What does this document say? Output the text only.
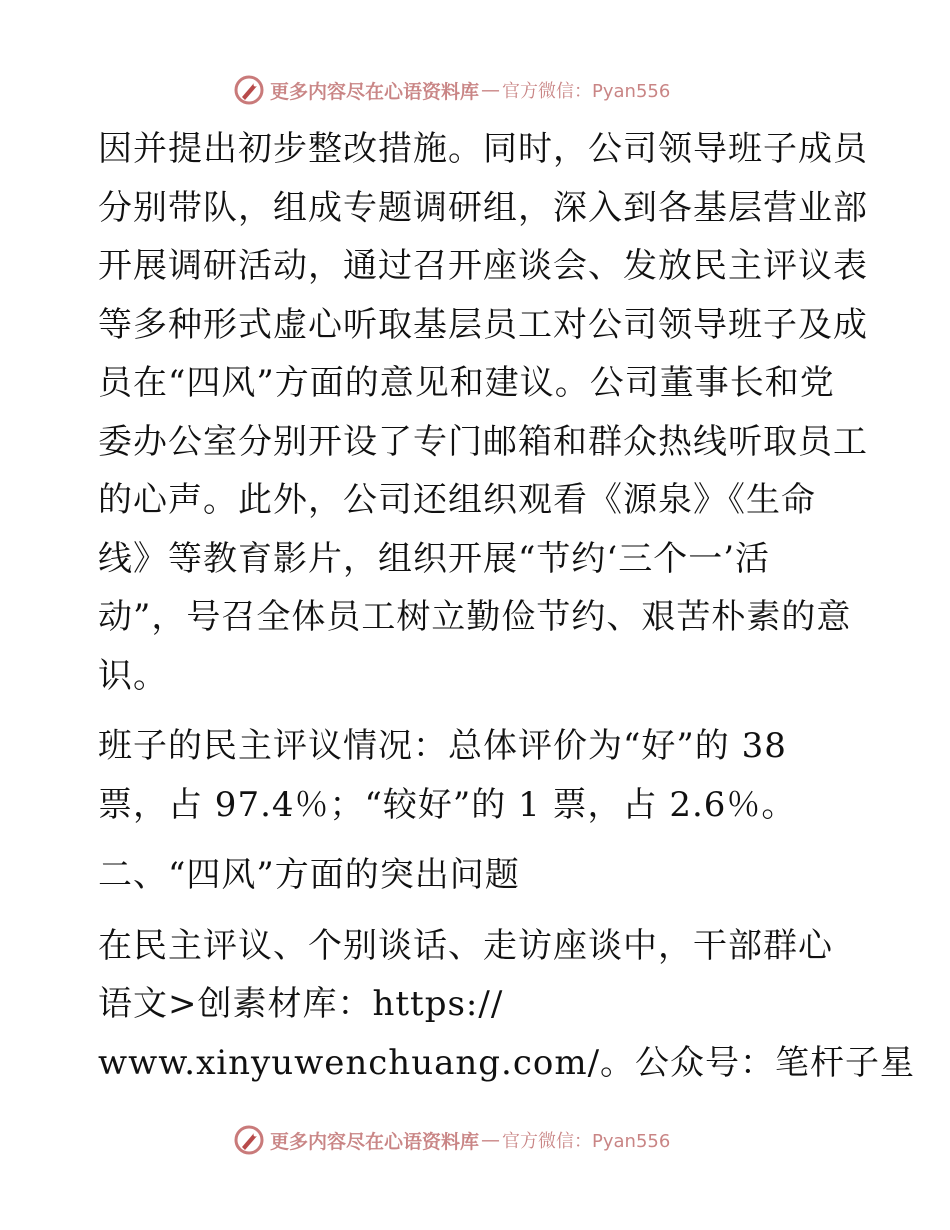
更多内容尽在心语资料库 — 官方微信：Pyan556

因并提出初步整改措施。同时，公司领导班子成员
分别带队，组成专题调研组，深入到各基层营业部
开展调研活动，通过召开座谈会、发放民主评议表
等多种形式虚心听取基层员工对公司领导班子及成
员在“四风”方面的意见和建议。公司董事长和党
委办公室分别开设了专门邮箱和群众热线听取员工
的心声。此外，公司还组织观看《源泉》《生命
线》等教育影片，组织开展“节约‘三个一’活
动”，号召全体员工树立勤俭节约、艰苦朴素的意
识。

班子的民主评议情况：总体评价为“好”的 38
票，占 97.4％；“较好”的 1 票，占 2.6％。

二、“四风”方面的突出问题

在民主评议、个别谈话、走访座谈中，干部群心
语文>创素材库：https://
www.xinyuwenchuang.com/。公众号：笔杆子星

更多内容尽在心语资料库 — 官方微信：Pyan556
